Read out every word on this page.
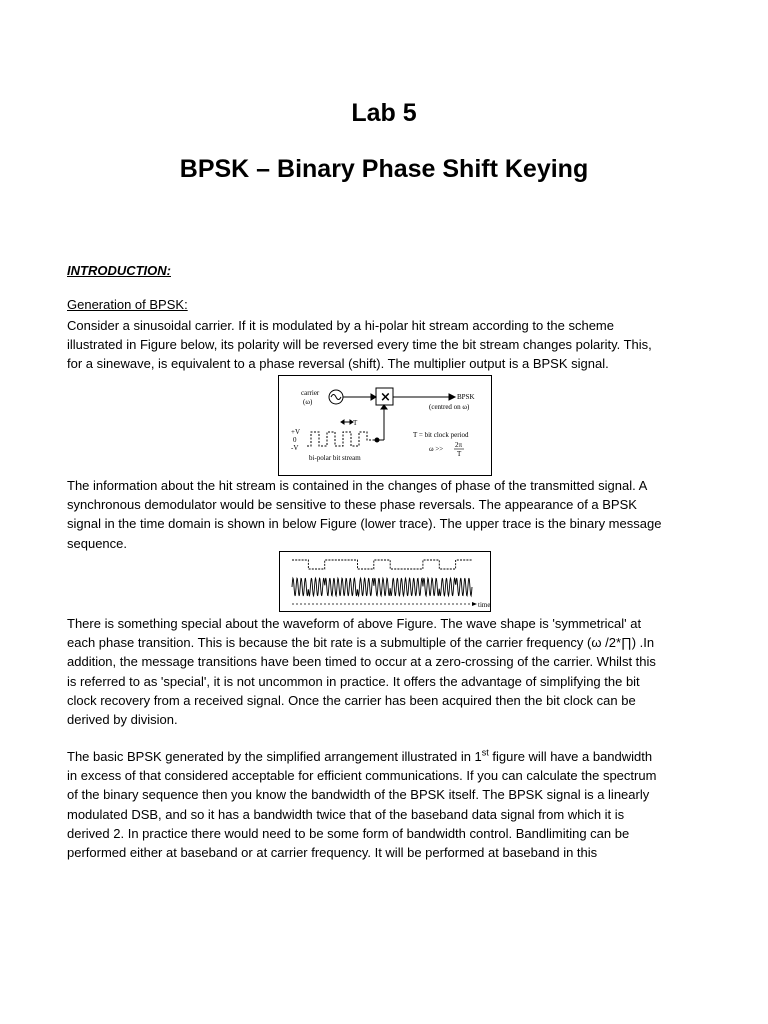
Lab 5
BPSK – Binary Phase Shift Keying
INTRODUCTION:
Generation of BPSK:
Consider a sinusoidal carrier. If it is modulated by a hi-polar hit stream according to the scheme
illustrated in Figure below, its polarity will be reversed every time the bit stream changes polarity. This,
for a sinewave, is equivalent to a phase reversal (shift). The multiplier output is a BPSK signal.
carrier
(ω)	×	BPSK
(centred on ω)
+V
0
-V
bi-polar bit stream
T
T = bit clock period
ω >> 2π
T
The information about the hit stream is contained in the changes of phase of the transmitted signal. A
synchronous demodulator would be sensitive to these phase reversals. The appearance of a BPSK
signal in the time domain is shown in below Figure (lower trace). The upper trace is the binary message
sequence.
time
There is something special about the waveform of above Figure. The wave shape is 'symmetrical' at
each phase transition. This is because the bit rate is a submultiple of the carrier frequency (ω /2*∏) .In
addition, the message transitions have been timed to occur at a zero-crossing of the carrier. Whilst this
is referred to as 'special', it is not uncommon in practice. It offers the advantage of simplifying the bit
clock recovery from a received signal. Once the carrier has been acquired then the bit clock can be
derived by division.
The basic BPSK generated by the simplified arrangement illustrated in 1st figure will have a bandwidth
in excess of that considered acceptable for efficient communications. If you can calculate the spectrum
of the binary sequence then you know the bandwidth of the BPSK itself. The BPSK signal is a linearly
modulated DSB, and so it has a bandwidth twice that of the baseband data signal from which it is
derived 2. In practice there would need to be some form of bandwidth control. Bandlimiting can be
performed either at baseband or at carrier frequency. It will be performed at baseband in this
